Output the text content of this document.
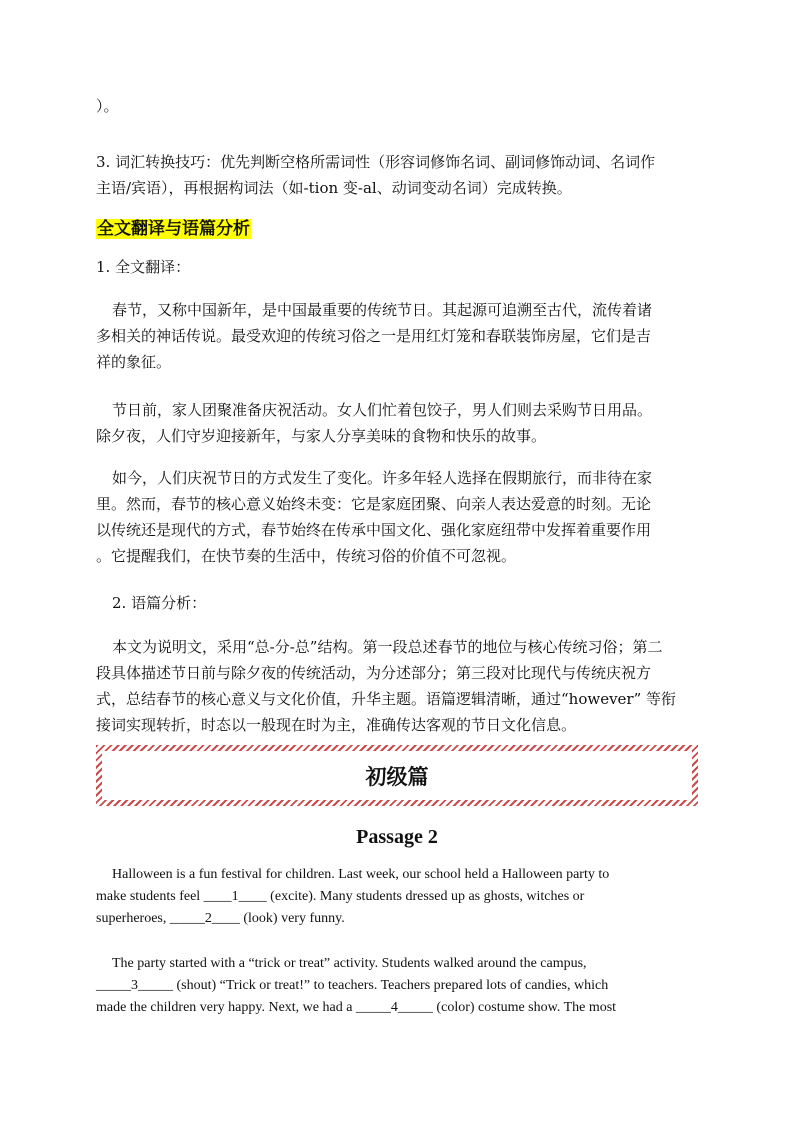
）。
3. 词汇转换技巧：优先判断空格所需词性（形容词修饰名词、副词修饰动词、名词作
主语/宾语），再根据构词法（如-tion 变-al、动词变动名词）完成转换。
全文翻译与语篇分析
1. 全文翻译：
春节，又称中国新年，是中国最重要的传统节日。其起源可追溯至古代，流传着诸
多相关的神话传说。最受欢迎的传统习俗之一是用红灯笼和春联装饰房屋，它们是吉
祥的象征。
节日前，家人团聚准备庆祝活动。女人们忙着包饺子，男人们则去采购节日用品。
除夕夜，人们守岁迎接新年，与家人分享美味的食物和快乐的故事。
如今，人们庆祝节日的方式发生了变化。许多年轻人选择在假期旅行，而非待在家
里。然而，春节的核心意义始终未变：它是家庭团聚、向亲人表达爱意的时刻。无论
以传统还是现代的方式，春节始终在传承中国文化、强化家庭纽带中发挥着重要作用
。它提醒我们，在快节奏的生活中，传统习俗的价值不可忽视。
2. 语篇分析：
本文为说明文，采用“总-分-总”结构。第一段总述春节的地位与核心传统习俗；第二
段具体描述节日前与除夕夜的传统活动，为分述部分；第三段对比现代与传统庆祝方
式，总结春节的核心意义与文化价值，升华主题。语篇逻辑清晰，通过“however” 等衔
接词实现转折，时态以一般现在时为主，准确传达客观的节日文化信息。
初级篇
Passage 2
Halloween is a fun festival for children. Last week, our school held a Halloween party to
make students feel ____1____ (excite). Many students dressed up as ghosts, witches or
superheroes, _____2____ (look) very funny.
The party started with a “trick or treat” activity. Students walked around the campus,
_____3_____ (shout) “Trick or treat!” to teachers. Teachers prepared lots of candies, which
made the children very happy. Next, we had a _____4_____ (color) costume show. The most
